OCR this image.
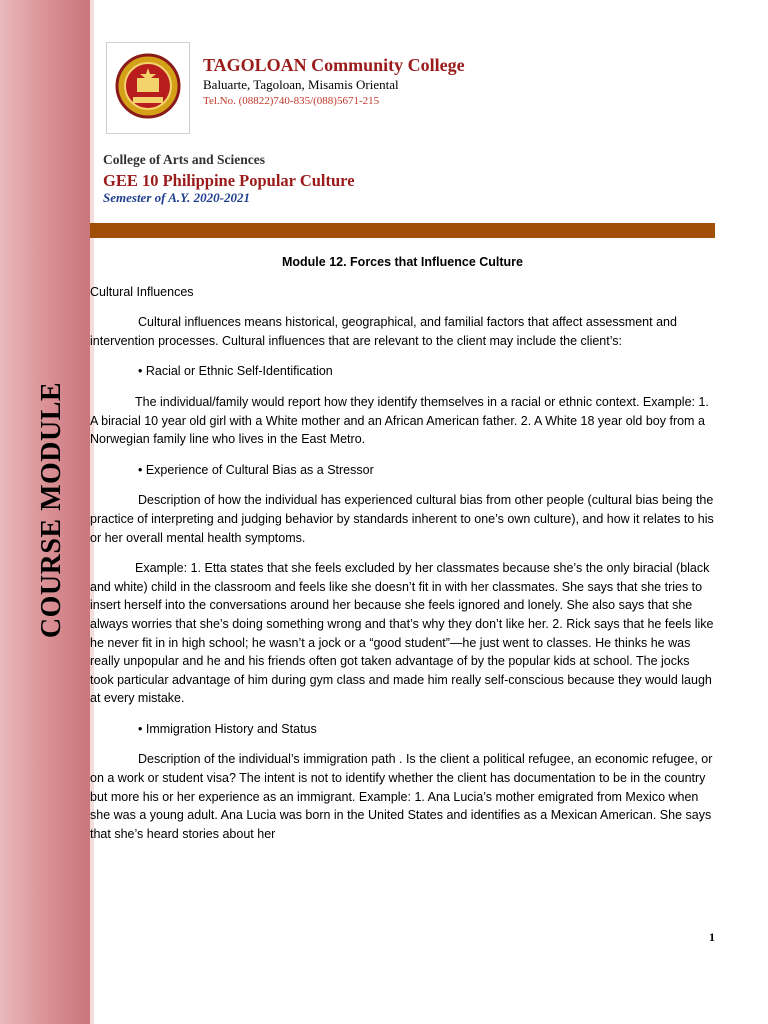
COURSE MODULE
TAGOLOAN Community College
Baluarte, Tagoloan, Misamis Oriental
Tel.No. (08822)740-835/(088)5671-215
College of Arts and Sciences
GEE 10 Philippine Popular Culture
Semester of A.Y. 2020-2021
Module 12. Forces that Influence Culture

Cultural Influences

Cultural influences means historical, geographical, and familial factors that affect assessment and intervention processes. Cultural influences that are relevant to the client may include the client’s:

• Racial or Ethnic Self-Identification

The individual/family would report how they identify themselves in a racial or ethnic context. Example: 1. A biracial 10 year old girl with a White mother and an African American father. 2. A White 18 year old boy from a Norwegian family line who lives in the East Metro.

• Experience of Cultural Bias as a Stressor

Description of how the individual has experienced cultural bias from other people (cultural bias being the practice of interpreting and judging behavior by standards inherent to one’s own culture), and how it relates to his or her overall mental health symptoms.

Example: 1. Etta states that she feels excluded by her classmates because she’s the only biracial (black and white) child in the classroom and feels like she doesn’t fit in with her classmates. She says that she tries to insert herself into the conversations around her because she feels ignored and lonely. She also says that she always worries that she’s doing something wrong and that’s why they don’t like her. 2. Rick says that he feels like he never fit in in high school; he wasn’t a jock or a “good student”—he just went to classes. He thinks he was really unpopular and he and his friends often got taken advantage of by the popular kids at school. The jocks took particular advantage of him during gym class and made him really self-conscious because they would laugh at every mistake.

• Immigration History and Status

Description of the individual’s immigration path . Is the client a political refugee, an economic refugee, or on a work or student visa? The intent is not to identify whether the client has documentation to be in the country but more his or her experience as an immigrant. Example: 1. Ana Lucia’s mother emigrated from Mexico when she was a young adult. Ana Lucia was born in the United States and identifies as a Mexican American. She says that she’s heard stories about her

1
